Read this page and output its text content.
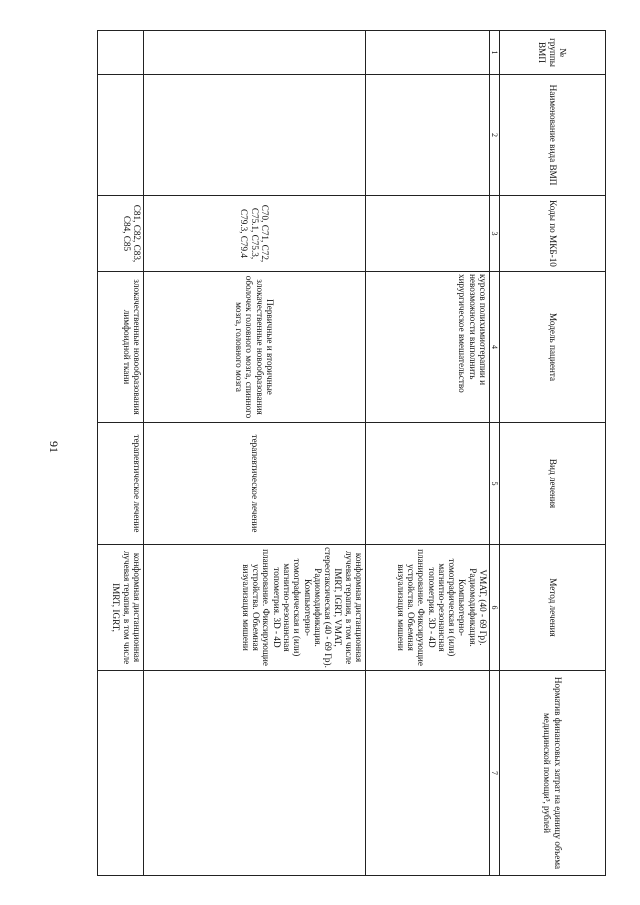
91
№ группы ВМП	Наименование вида ВМП	Коды по МКБ-10	Модель пациента	Вид лечения	Метод лечения	Норматив финансовых затрат на единицу объема медицинской помощи³, рублей
1	2	3	4	5	6	7
			курсов полихимиотерапии и невозможности выполнить хирургическое вмешательство		VMAT, (40 - 69 Гр). Радиомодификация. Компьютерно-томографическая и (или) магнитно-резонансная топометрия. 3D - 4D планирование. Фиксирующие устройства. Объемная визуализация мишени	
		C70, C71, C72, C75.1, C75.3, C79.3, C79.4	Первичные и вторичные злокачественные новообразования оболочек головного мозга, спинного мозга, головного мозга	терапевтическое лечение	конформная дистанционная лучевая терапия, в том числе IMRT, IGRT, VMAT, стереотаксическая (40 - 69 Гр). Радиомодификация. Компьютерно-томографическая и (или) магнитно-резонансная топометрия. 3D - 4D планирование. Фиксирующие устройства. Объемная визуализация мишени	
		C81, C82, C83, C84, C85	злокачественные новообразования лимфоидной ткани	терапевтическое лечение	конформная дистанционная лучевая терапия, в том числе IMRT, IGRT,	
